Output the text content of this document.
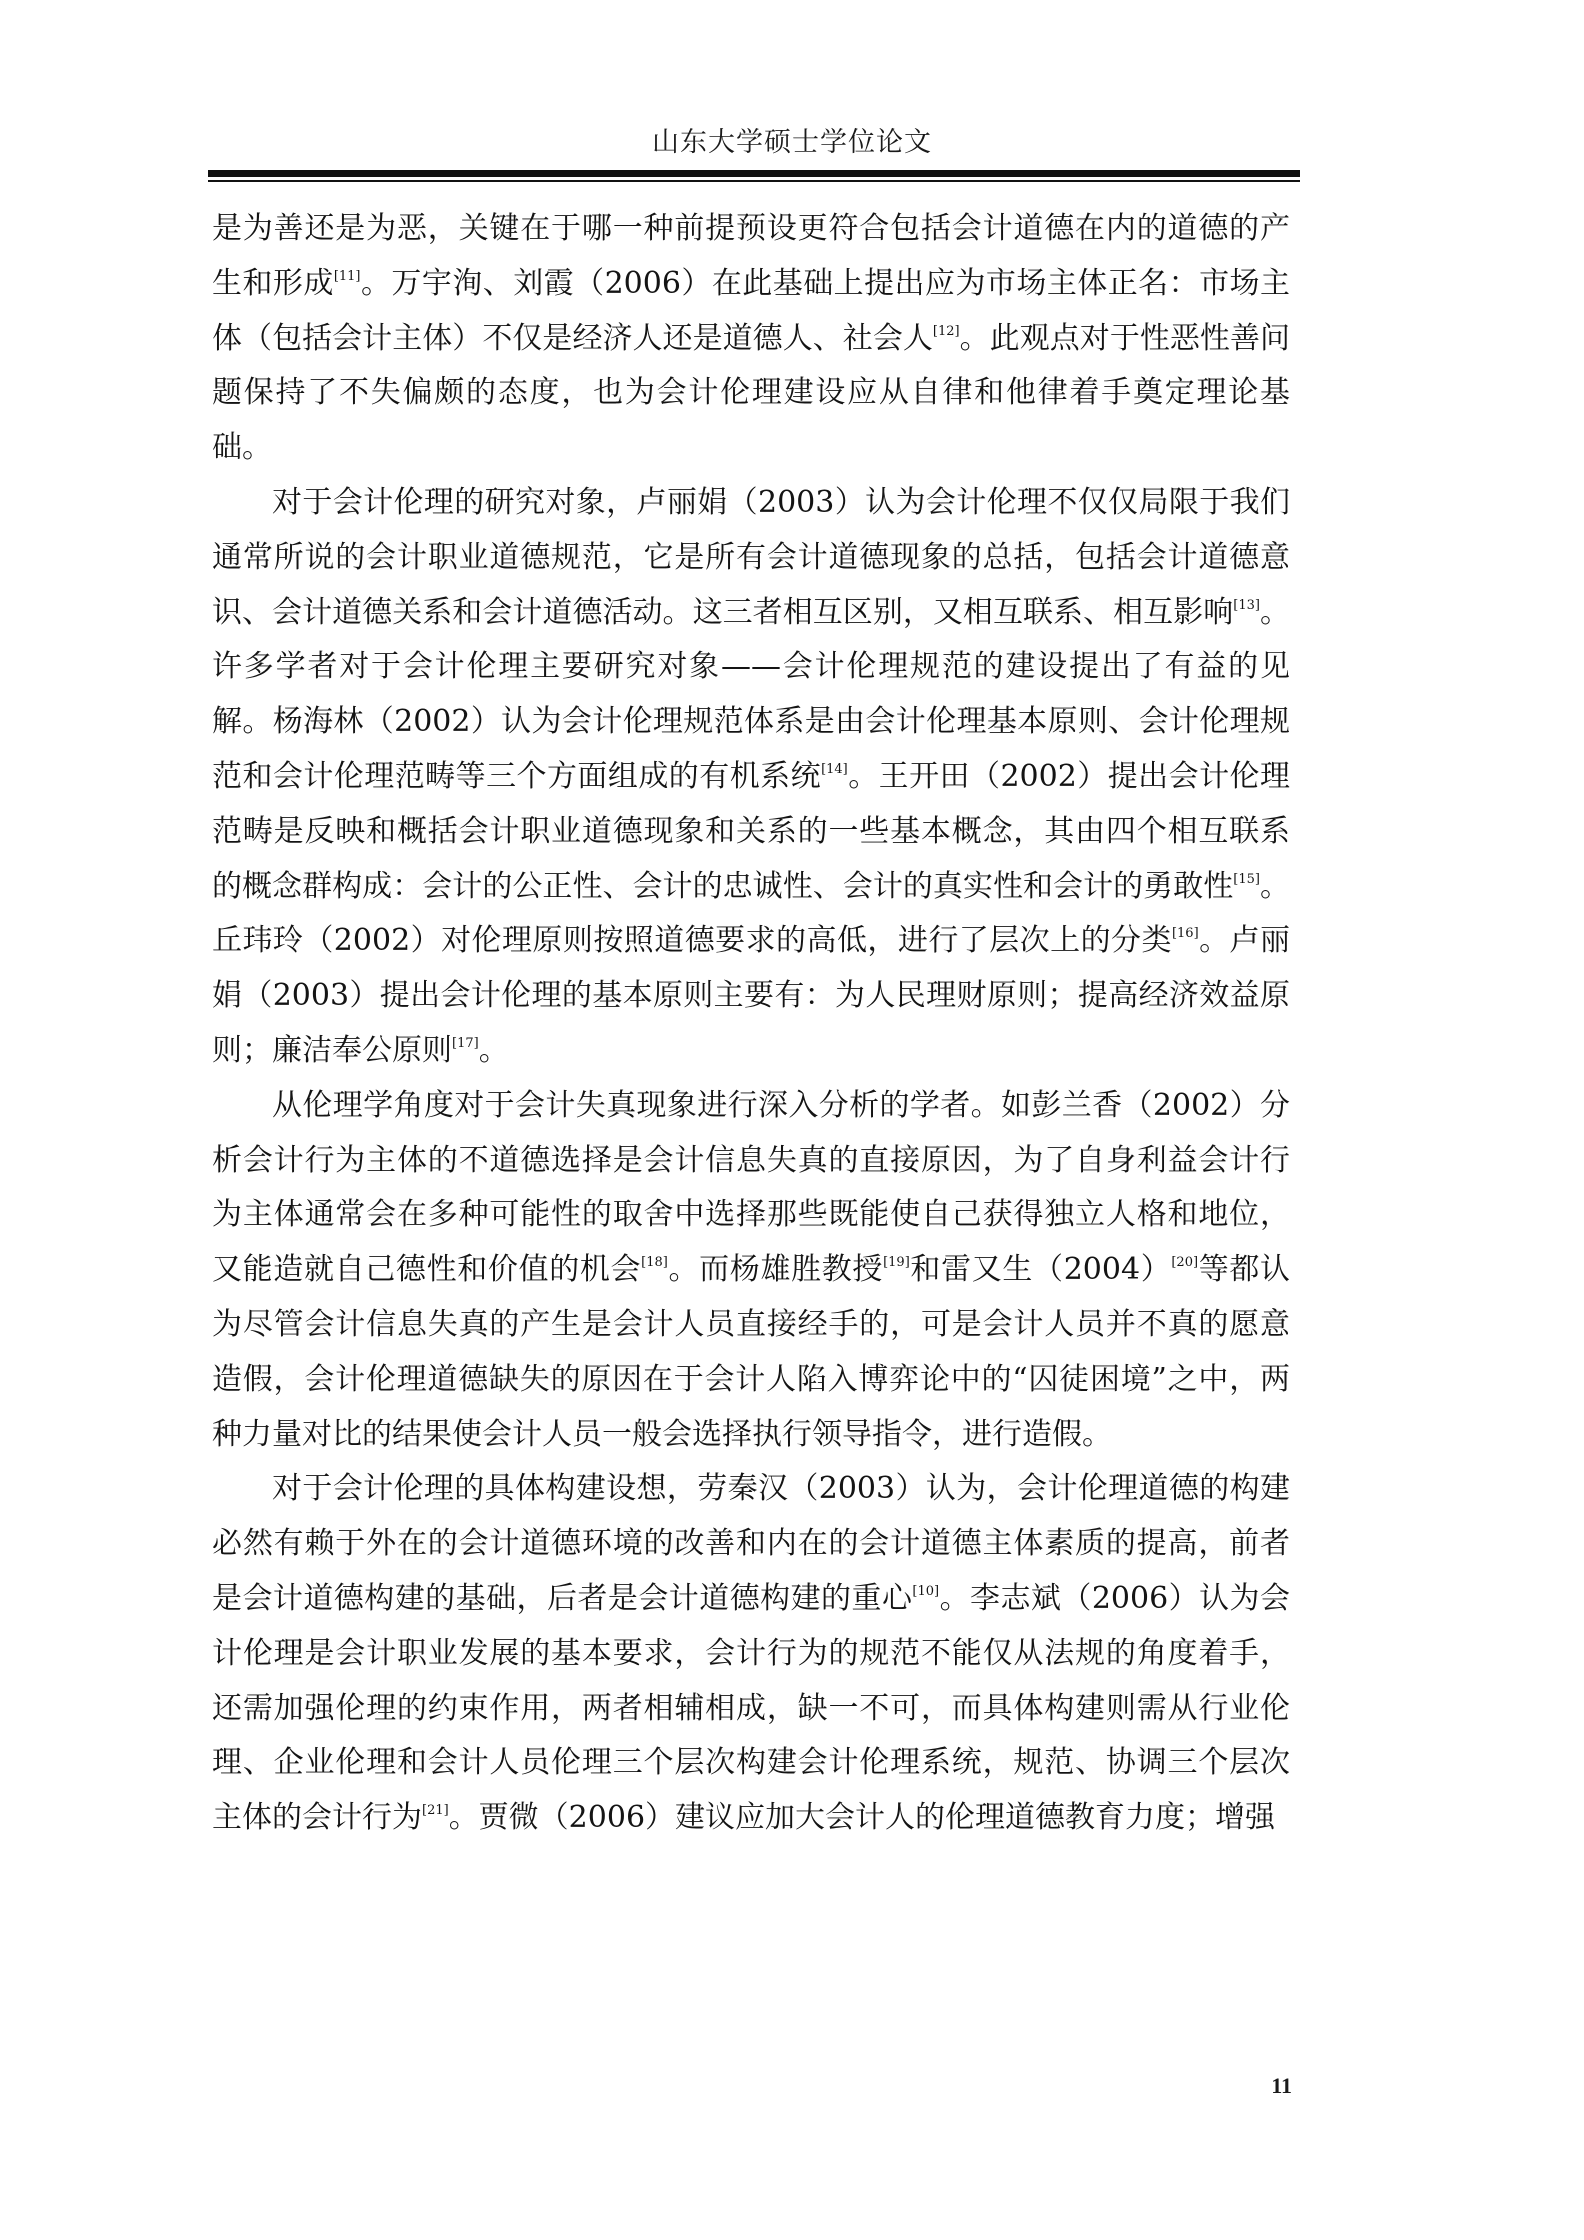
山东大学硕士学位论文

是为善还是为恶，关键在于哪一种前提预设更符合包括会计道德在内的道德的产生和形成[11]。万宇洵、刘霞（2006）在此基础上提出应为市场主体正名：市场主体（包括会计主体）不仅是经济人还是道德人、社会人[12]。此观点对于性恶性善问题保持了不失偏颇的态度，也为会计伦理建设应从自律和他律着手奠定理论基础。

对于会计伦理的研究对象，卢丽娟（2003）认为会计伦理不仅仅局限于我们通常所说的会计职业道德规范，它是所有会计道德现象的总括，包括会计道德意识、会计道德关系和会计道德活动。这三者相互区别，又相互联系、相互影响[13]。许多学者对于会计伦理主要研究对象——会计伦理规范的建设提出了有益的见解。杨海林（2002）认为会计伦理规范体系是由会计伦理基本原则、会计伦理规范和会计伦理范畴等三个方面组成的有机系统[14]。王开田（2002）提出会计伦理范畴是反映和概括会计职业道德现象和关系的一些基本概念，其由四个相互联系的概念群构成：会计的公正性、会计的忠诚性、会计的真实性和会计的勇敢性[15]。丘玮玲（2002）对伦理原则按照道德要求的高低，进行了层次上的分类[16]。卢丽娟（2003）提出会计伦理的基本原则主要有：为人民理财原则；提高经济效益原则；廉洁奉公原则[17]。

从伦理学角度对于会计失真现象进行深入分析的学者。如彭兰香（2002）分析会计行为主体的不道德选择是会计信息失真的直接原因，为了自身利益会计行为主体通常会在多种可能性的取舍中选择那些既能使自己获得独立人格和地位，又能造就自己德性和价值的机会[18]。而杨雄胜教授[19]和雷又生（2004）[20]等都认为尽管会计信息失真的产生是会计人员直接经手的，可是会计人员并不真的愿意造假，会计伦理道德缺失的原因在于会计人陷入博弈论中的“囚徒困境”之中，两种力量对比的结果使会计人员一般会选择执行领导指令，进行造假。

对于会计伦理的具体构建设想，劳秦汉（2003）认为，会计伦理道德的构建必然有赖于外在的会计道德环境的改善和内在的会计道德主体素质的提高，前者是会计道德构建的基础，后者是会计道德构建的重心[10]。李志斌（2006）认为会计伦理是会计职业发展的基本要求，会计行为的规范不能仅从法规的角度着手，还需加强伦理的约束作用，两者相辅相成，缺一不可，而具体构建则需从行业伦理、企业伦理和会计人员伦理三个层次构建会计伦理系统，规范、协调三个层次主体的会计行为[21]。贾微（2006）建议应加大会计人的伦理道德教育力度；增强

11
